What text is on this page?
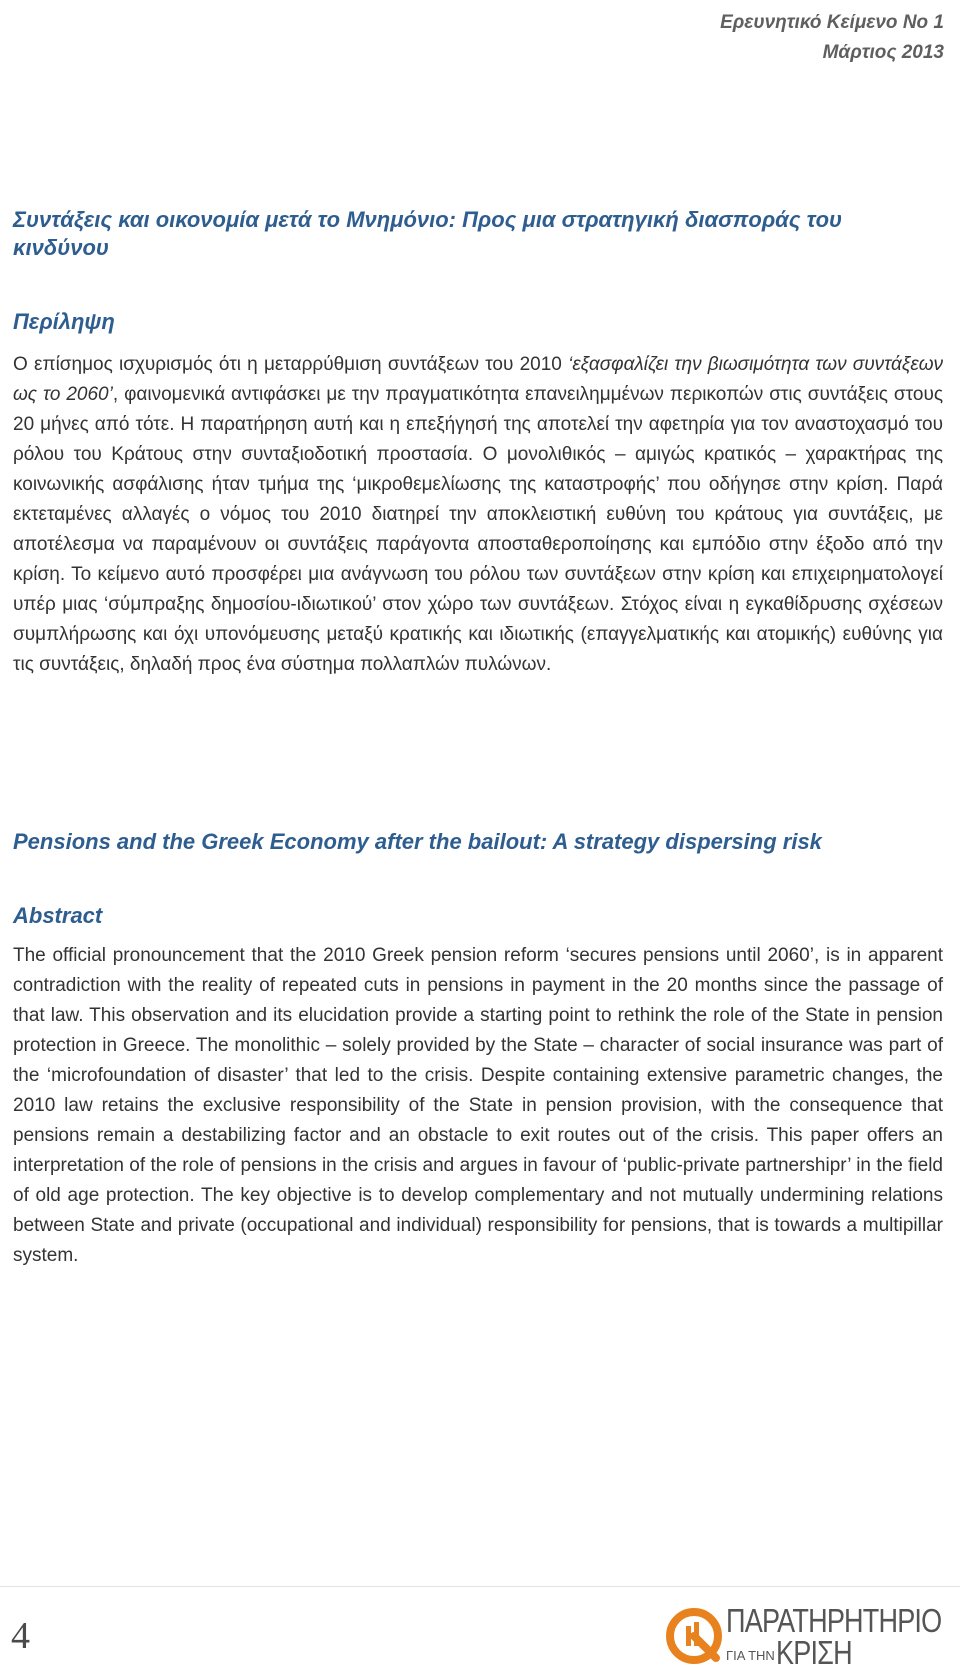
Ερευνητικό Κείμενο Νο 1
Μάρτιος 2013
Συντάξεις και οικονομία μετά το Μνημόνιο: Προς μια στρατηγική διασποράς του κινδύνου
Περίληψη

Ο επίσημος ισχυρισμός ότι η μεταρρύθμιση συντάξεων του 2010 ‘εξασφαλίζει την βιωσιμότητα των συντάξεων ως το 2060’, φαινομενικά αντιφάσκει με την πραγματικότητα επανειλημμένων περικοπών στις συντάξεις στους 20 μήνες από τότε. Η παρατήρηση αυτή και η επεξήγησή της αποτελεί την αφετηρία για τον αναστοχασμό του ρόλου του Κράτους στην συνταξιοδοτική προστασία. Ο μονολιθικός – αμιγώς κρατικός – χαρακτήρας της κοινωνικής ασφάλισης ήταν τμήμα της ‘μικροθεμελίωσης της καταστροφής’ που οδήγησε στην κρίση. Παρά εκτεταμένες αλλαγές ο νόμος του 2010 διατηρεί την αποκλειστική ευθύνη του κράτους για συντάξεις, με αποτέλεσμα να παραμένουν οι συντάξεις παράγοντα αποσταθεροποίησης και εμπόδιο στην έξοδο από την κρίση. Το κείμενο αυτό προσφέρει μια ανάγνωση του ρόλου των συντάξεων στην κρίση και επιχειρηματολογεί υπέρ μιας ‘σύμπραξης δημοσίου-ιδιωτικού’ στον χώρο των συντάξεων. Στόχος είναι η εγκαθίδρυσης σχέσεων συμπλήρωσης και όχι υπονόμευσης μεταξύ κρατικής και ιδιωτικής (επαγγελματικής και ατομικής) ευθύνης για τις συντάξεις, δηλαδή προς ένα σύστημα πολλαπλών πυλώνων.

Pensions and the Greek Economy after the bailout: A strategy dispersing risk
Abstract

The official pronouncement that the 2010 Greek pension reform ‘secures pensions until 2060’, is in apparent contradiction with the reality of repeated cuts in pensions in payment in the 20 months since the passage of that law. This observation and its elucidation provide a starting point to rethink the role of the State in pension protection in Greece. The monolithic – solely provided by the State – character of social insurance was part of the ‘microfoundation of disaster’ that led to the crisis. Despite containing extensive parametric changes, the 2010 law retains the exclusive responsibility of the State in pension provision, with the consequence that pensions remain a destabilizing factor and an obstacle to exit routes out of the crisis. This paper offers an interpretation of the role of pensions in the crisis and argues in favour of ‘public-private partnershipr’ in the field of old age protection. The key objective is to develop complementary and not mutually undermining relations between State and private (occupational and individual) responsibility for pensions, that is towards a multipillar system.

4	ΠΑΡΑΤΗΡΗΤΗΡΙΟ
ΓΙΑ ΤΗΝ ΚΡΙΣΗ
